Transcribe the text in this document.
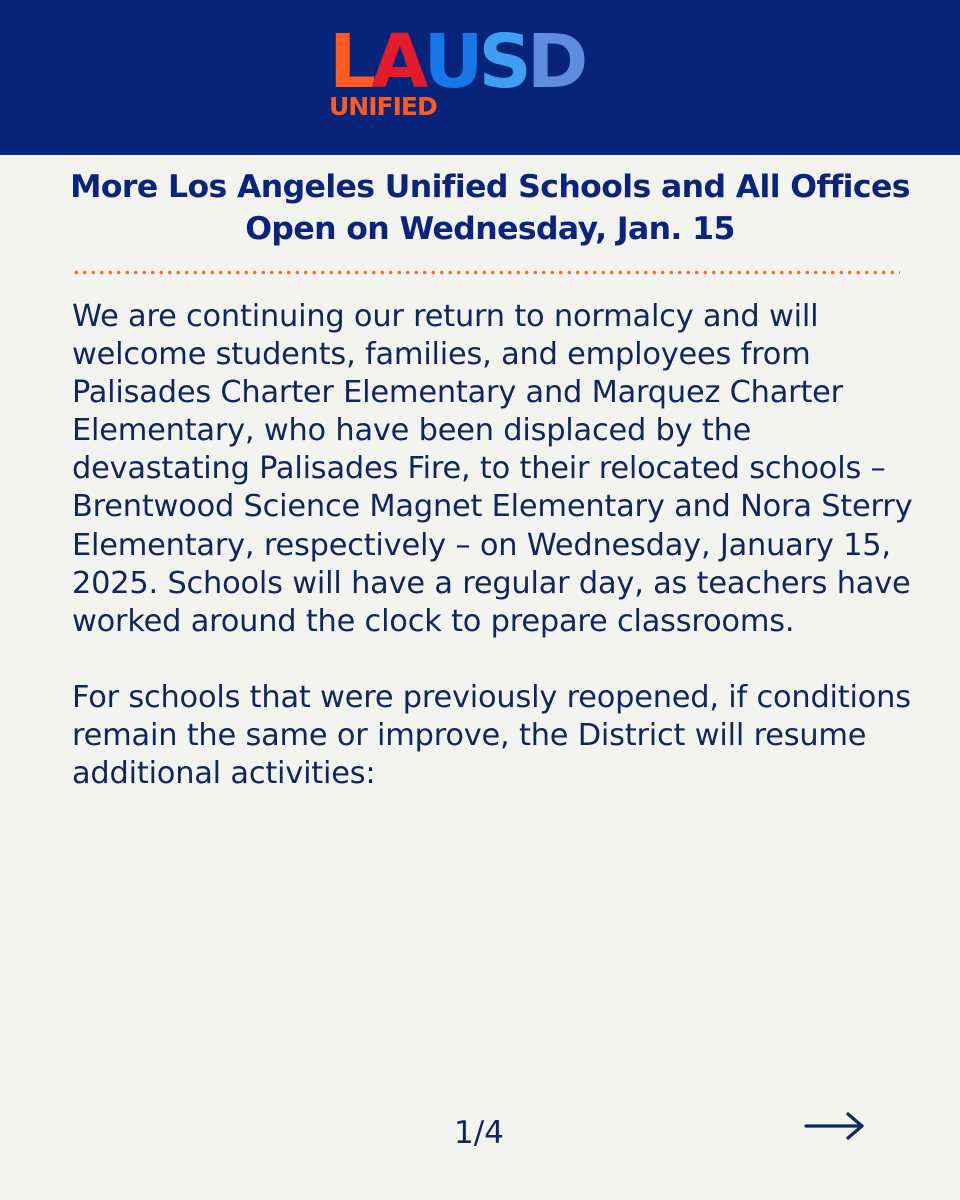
LAUSD
UNIFIED
More Los Angeles Unified Schools and All Offices Open on Wednesday, Jan. 15

We are continuing our return to normalcy and will welcome students, families, and employees from Palisades Charter Elementary and Marquez Charter Elementary, who have been displaced by the devastating Palisades Fire, to their relocated schools – Brentwood Science Magnet Elementary and Nora Sterry Elementary, respectively – on Wednesday, January 15, 2025. Schools will have a regular day, as teachers have worked around the clock to prepare classrooms.

For schools that were previously reopened, if conditions remain the same or improve, the District will resume additional activities:

1/4
